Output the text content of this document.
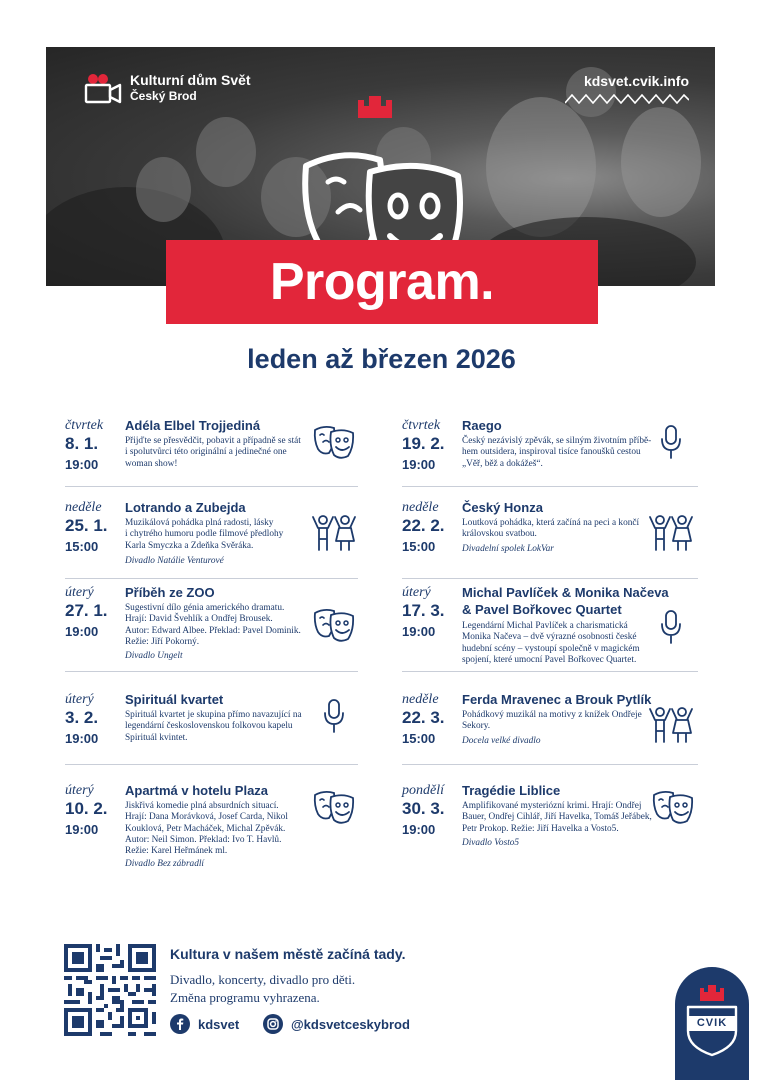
Kulturní dům Svět
Český Brod
kdsvet.cvik.info
Program.
leden až březen 2026
čtvrtek
8. 1.
19:00
Adéla Elbel Trojjediná
Přijďte se přesvědčit, pobavit a případně se stát
i spolutvůrci této originální a jedinečné one
woman show!
neděle
25. 1.
15:00
Lotrando a Zubejda
Muzikálová pohádka plná radosti, lásky
i chytrého humoru podle filmové předlohy
Karla Smyczka a Zdeňka Svěráka.
Divadlo Natálie Venturové
úterý
27. 1.
19:00
Příběh ze ZOO
Sugestivní dílo génia amerického dramatu.
Hrají: David Švehlík a Ondřej Brousek.
Autor: Edward Albee. Překlad: Pavel Dominik.
Režie: Jiří Pokorný.
Divadlo Ungelt
úterý
3. 2.
19:00
Spirituál kvartet
Spirituál kvartet je skupina přímo navazující na
legendární československou folkovou kapelu
Spirituál kvintet.
úterý
10. 2.
19:00
Apartmá v hotelu Plaza
Jiskřivá komedie plná absurdních situací.
Hrají: Dana Morávková, Josef Carda, Nikol
Kouklová, Petr Macháček, Michal Zpěvák.
Autor: Neil Simon. Překlad: Ivo T. Havlů.
Režie: Karel Heřmánek ml.
Divadlo Bez zábradlí
čtvrtek
19. 2.
19:00
Raego
Český nezávislý zpěvák, se silným životním příbě-
hem outsidera, inspiroval tisíce fanoušků cestou
„Věř, běž a dokážeš“.
neděle
22. 2.
15:00
Český Honza
Loutková pohádka, která začíná na peci a končí
královskou svatbou.
Divadelní spolek LokVar
úterý
17. 3.
19:00
Michal Pavlíček & Monika Načeva
& Pavel Bořkovec Quartet
Legendární Michal Pavlíček a charismatická
Monika Načeva – dvě výrazné osobnosti české
hudební scény – vystoupí společně v magickém
spojení, které umocní Pavel Bořkovec Quartet.
neděle
22. 3.
15:00
Ferda Mravenec a Brouk Pytlík
Pohádkový muzikál na motivy z knížek Ondřeje
Sekory.
Docela velké divadlo
pondělí
30. 3.
19:00
Tragédie Liblice
Amplifikované mysteriózní krimi. Hrají: Ondřej
Bauer, Ondřej Cihlář, Jiří Havelka, Tomáš Jeřábek,
Petr Prokop. Režie: Jiří Havelka a Vosto5.
Divadlo Vosto5
Kultura v našem městě začíná tady.
Divadlo, koncerty, divadlo pro děti.
Změna programu vyhrazena.
kdsvet	@kdsvetceskybrod	CVIK
